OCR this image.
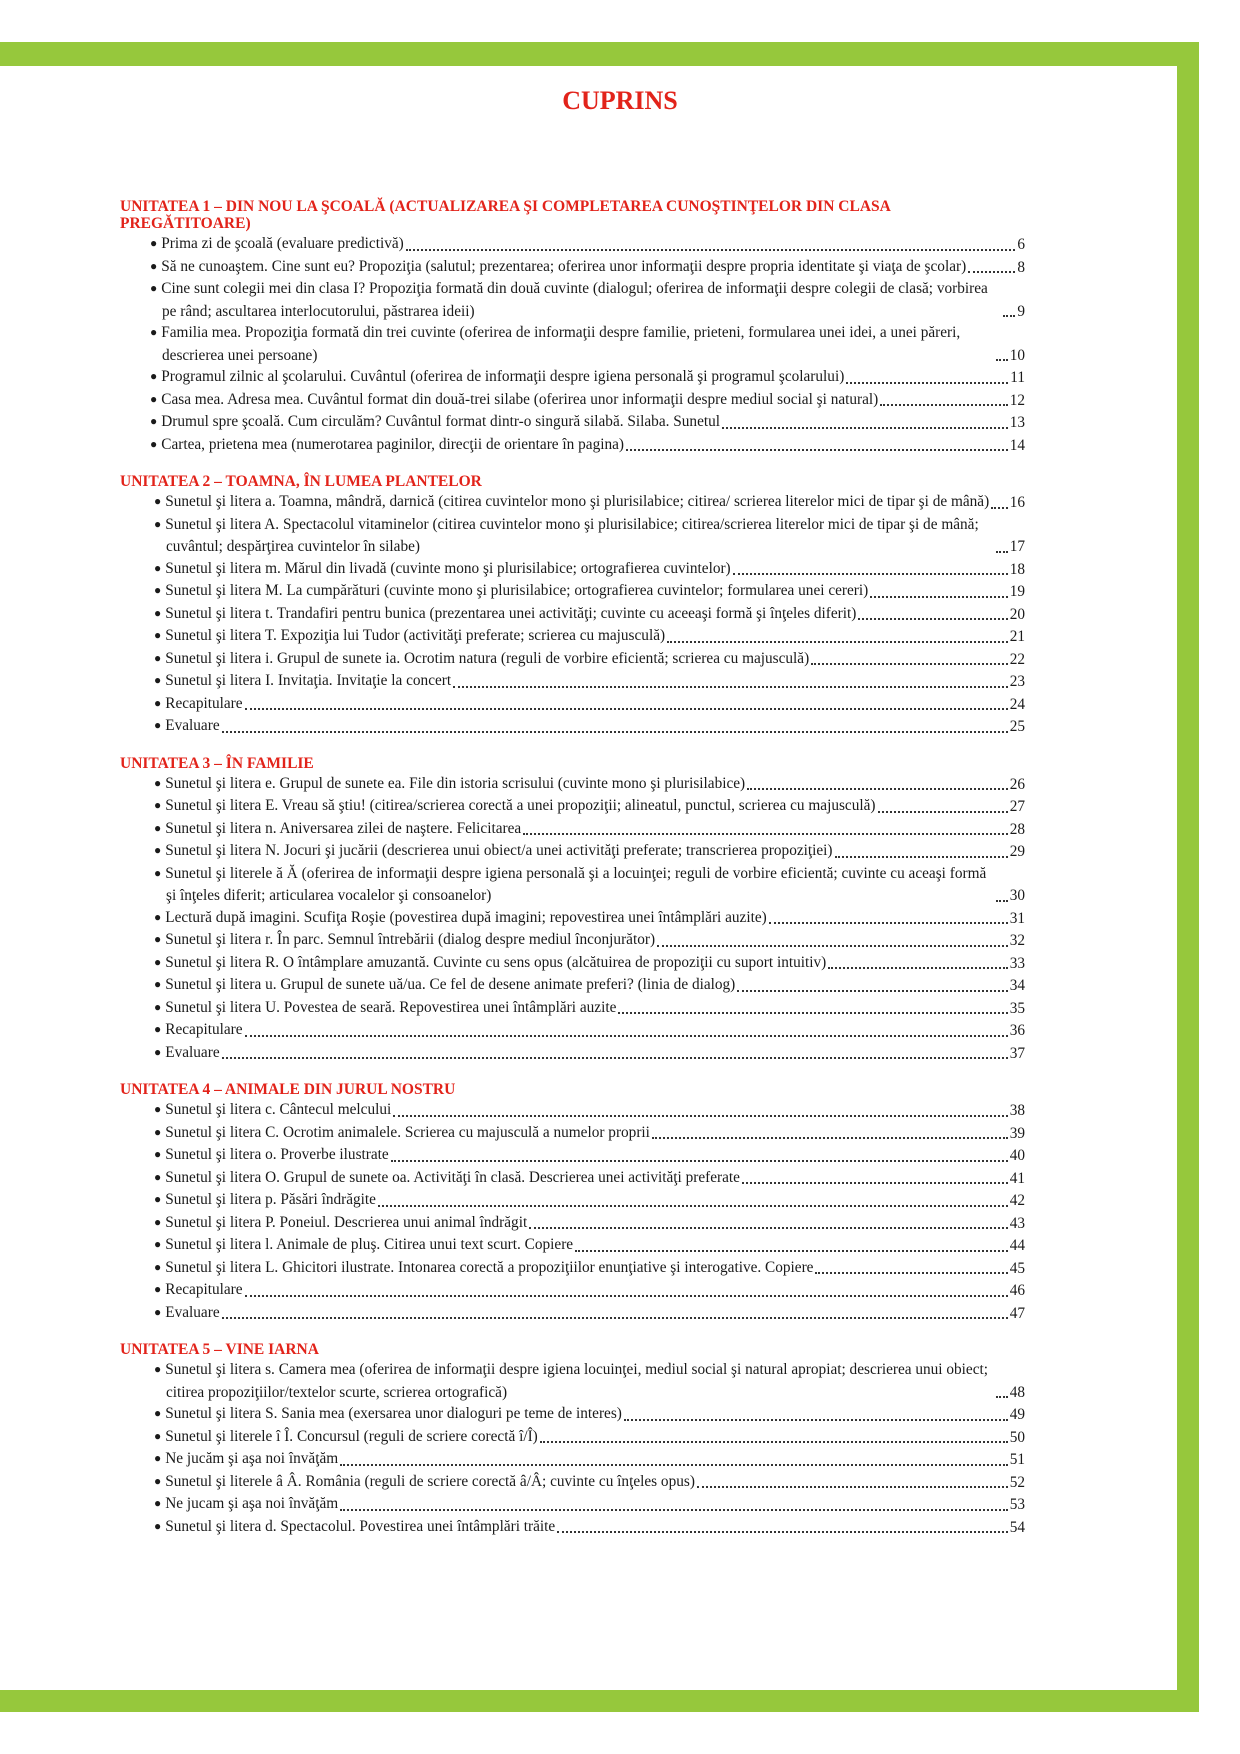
CUPRINS
UNITATEA 1 – DIN NOU LA ŞCOALĂ (ACTUALIZAREA ŞI COMPLETAREA CUNOŞTINŢELOR DIN CLASA PREGĂTITOARE)
● Prima zi de şcoală (evaluare predictivă)	6
● Să ne cunoaştem. Cine sunt eu? Propoziţia (salutul; prezentarea; oferirea unor informaţii despre propria identitate şi viaţa de şcolar)	8
● Cine sunt colegii mei din clasa I? Propoziţia formată din două cuvinte (dialogul; oferirea de informaţii despre colegii de clasă; vorbirea pe rând; ascultarea interlocutorului, păstrarea ideii)	9
● Familia mea. Propoziţia formată din trei cuvinte (oferirea de informaţii despre familie, prieteni, formularea unei idei, a unei păreri, descrierea unei persoane)	10
● Programul zilnic al şcolarului. Cuvântul (oferirea de informaţii despre igiena personală şi programul şcolarului)	11
● Casa mea. Adresa mea. Cuvântul format din două-trei silabe (oferirea unor informaţii despre mediul social şi natural)	12
● Drumul spre şcoală. Cum circulăm? Cuvântul format dintr-o singură silabă. Silaba. Sunetul	13
● Cartea, prietena mea (numerotarea paginilor, direcţii de orientare în pagina)	14
UNITATEA 2 – TOAMNA, ÎN LUMEA PLANTELOR
● Sunetul şi litera a. Toamna, mândră, darnică (citirea cuvintelor mono şi plurisilabice; citirea/ scrierea literelor mici de tipar şi de mână) 16
● Sunetul şi litera A. Spectacolul vitaminelor (citirea cuvintelor mono şi plurisilabice; citirea/scrierea literelor mici de tipar şi de mână; cuvântul; despărţirea cuvintelor în silabe)	17
● Sunetul şi litera m. Mărul din livadă (cuvinte mono şi plurisilabice; ortografierea cuvintelor)	18
● Sunetul şi litera M. La cumpărături (cuvinte mono şi plurisilabice; ortografierea cuvintelor; formularea unei cereri)	19
● Sunetul şi litera t. Trandafiri pentru bunica (prezentarea unei activităţi; cuvinte cu aceeaşi formă şi înţeles diferit)	20
● Sunetul şi litera T. Expoziţia lui Tudor (activităţi preferate; scrierea cu majusculă)	21
● Sunetul şi litera i. Grupul de sunete ia. Ocrotim natura (reguli de vorbire eficientă; scrierea cu majusculă)	22
● Sunetul şi litera I. Invitaţia. Invitaţie la concert	23
● Recapitulare	24
● Evaluare	25
UNITATEA 3 – ÎN FAMILIE
● Sunetul şi litera e. Grupul de sunete ea. File din istoria scrisului (cuvinte mono şi plurisilabice)	26
● Sunetul şi litera E. Vreau să ştiu! (citirea/scrierea corectă a unei propoziţii; alineatul, punctul, scrierea cu majusculă)	27
● Sunetul şi litera n. Aniversarea zilei de naştere. Felicitarea	28
● Sunetul şi litera N. Jocuri şi jucării (descrierea unui obiect/a unei activităţi preferate; transcrierea propoziţiei)	29
● Sunetul şi literele ă Ă (oferirea de informaţii despre igiena personală şi a locuinţei; reguli de vorbire eficientă; cuvinte cu aceaşi formă şi înţeles diferit; articularea vocalelor şi consoanelor)	30
● Lectură după imagini. Scufiţa Roşie (povestirea după imagini; repovestirea unei întâmplări auzite)	31
● Sunetul şi litera r. În parc. Semnul întrebării (dialog despre mediul înconjurător)	32
● Sunetul şi litera R. O întâmplare amuzantă. Cuvinte cu sens opus (alcătuirea de propoziţii cu suport intuitiv)	33
● Sunetul şi litera u. Grupul de sunete uă/ua. Ce fel de desene animate preferi? (linia de dialog)	34
● Sunetul şi litera U. Povestea de seară. Repovestirea unei întâmplări auzite	35
● Recapitulare	36
● Evaluare	37
UNITATEA 4 – ANIMALE DIN JURUL NOSTRU
● Sunetul şi litera c. Cântecul melcului	38
● Sunetul şi litera C. Ocrotim animalele. Scrierea cu majusculă a numelor proprii	39
● Sunetul şi litera o. Proverbe ilustrate	40
● Sunetul şi litera O. Grupul de sunete oa. Activităţi în clasă. Descrierea unei activităţi preferate	41
● Sunetul şi litera p. Păsări îndrăgite	42
● Sunetul şi litera P. Poneiul. Descrierea unui animal îndrăgit	43
● Sunetul şi litera l. Animale de pluş. Citirea unui text scurt. Copiere	44
● Sunetul şi litera L. Ghicitori ilustrate. Intonarea corectă a propoziţiilor enunţiative şi interogative. Copiere	45
● Recapitulare	46
● Evaluare	47
UNITATEA 5 – VINE IARNA
● Sunetul şi litera s. Camera mea (oferirea de informaţii despre igiena locuinţei, mediul social şi natural apropiat; descrierea unui obiect; citirea propoziţiilor/textelor scurte, scrierea ortografică)	48
● Sunetul şi litera S. Sania mea (exersarea unor dialoguri pe teme de interes)	49
● Sunetul şi literele î Î. Concursul (reguli de scriere corectă î/Î)	50
● Ne jucăm şi aşa noi învăţăm	51
● Sunetul şi literele â Â. România (reguli de scriere corectă â/Â; cuvinte cu înţeles opus)	52
● Ne jucam şi aşa noi învăţăm	53
● Sunetul şi litera d. Spectacolul. Povestirea unei întâmplări trăite	54
